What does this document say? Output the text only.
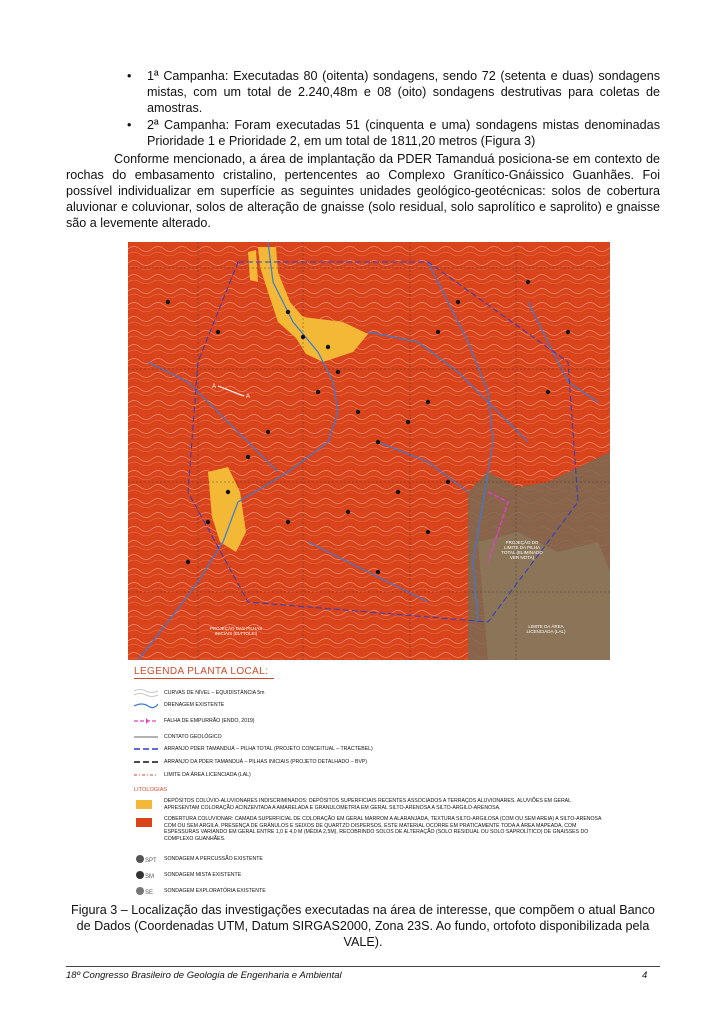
• 1ª Campanha: Executadas 80 (oitenta) sondagens, sendo 72 (setenta e duas) sondagens mistas, com um total de 2.240,48m e 08 (oito) sondagens destrutivas para coletas de amostras.
• 2ª Campanha: Foram executadas 51 (cinquenta e uma) sondagens mistas denominadas Prioridade 1 e Prioridade 2, em um total de 1811,20 metros (Figura 3)
Conforme mencionado, a área de implantação da PDER Tamanduá posiciona-se em contexto de rochas do embasamento cristalino, pertencentes ao Complexo Granítico-Gnáissico Guanhães. Foi possível individualizar em superfície as seguintes unidades geológico-geotécnicas: solos de cobertura aluvionar e coluvionar, solos de alteração de gnaisse (solo residual, solo saprolítico e saprolito) e gnaisse são a levemente alterado.
A
A
PROJEÇÃO DO LIMITE DA PILHA TOTAL (ELIMINADO VER NOTA)
PROJEÇÃO DAS PILHAS INICIAIS (ELTTOLEI)
LIMITE DA ÁREA LICENCIADA (LAL)
LEGENDA PLANTA LOCAL:
CURVAS DE NÍVEL – EQUIDISTÂNCIA 5m
DRENAGEM EXISTENTE
FALHA DE EMPURRÃO (ENDO, 2019)
CONTATO GEOLÓGICO
ARRANJO PDER TAMANDUÁ – PILHA TOTAL (PROJETO CONCEITUAL – TRACTEBEL)
ARRANJO DA PDER TAMANDUÁ – PILHAS INICIAIS (PROJETO DETALHADO – BVP)
LIMITE DA ÁREA LICENCIADA (LAL)
LITOLOGIAS
DEPÓSITOS COLÚVIO-ALUVIONARES INDISCRIMINADOS: DEPÓSITOS SUPERFICIAIS RECENTES ASSOCIADOS A TERRAÇOS ALUVIONARES. ALUVIÕES EM GERAL APRESENTAM COLORAÇÃO ACINZENTADA A AMARELADA E GRANULOMETRIA EM GERAL SILTO-ARENOSA A SILTO-ARGILO-ARENOSA.
COBERTURA COLUVIONAR: CAMADA SUPERFICIAL DE COLORAÇÃO EM GERAL MARROM A ALARANJADA, TEXTURA SILTO-ARGILOSA (COM OU SEM AREIA) A SILTO-ARENOSA COM OU SEM ARGILA. PRESENÇA DE GRÂNULOS E SEIXOS DE QUARTZO DISPERSOS. ESTE MATERIAL OCORRE EM PRATICAMENTE TODA A ÁREA MAPEADA, COM ESPESSURAS VARIANDO EM GERAL ENTRE 1,0 E 4,0 M (MÉDIA 2,5M), RECOBRINDO SOLOS DE ALTERAÇÃO (SOLO RESIDUAL OU SOLO SAPROLÍTICO) DE GNAISSES DO COMPLEXO GUANHÃES.
SPT SONDAGEM A PERCUSSÃO EXISTENTE
SM SONDAGEM MISTA EXISTENTE
SE SONDAGEM EXPLORATÓRIA EXISTENTE
Figura 3 – Localização das investigações executadas na área de interesse, que compõem o atual Banco de Dados (Coordenadas UTM, Datum SIRGAS2000, Zona 23S. Ao fundo, ortofoto disponibilizada pela VALE).
18º Congresso Brasileiro de Geologia de Engenharia e Ambiental	4
